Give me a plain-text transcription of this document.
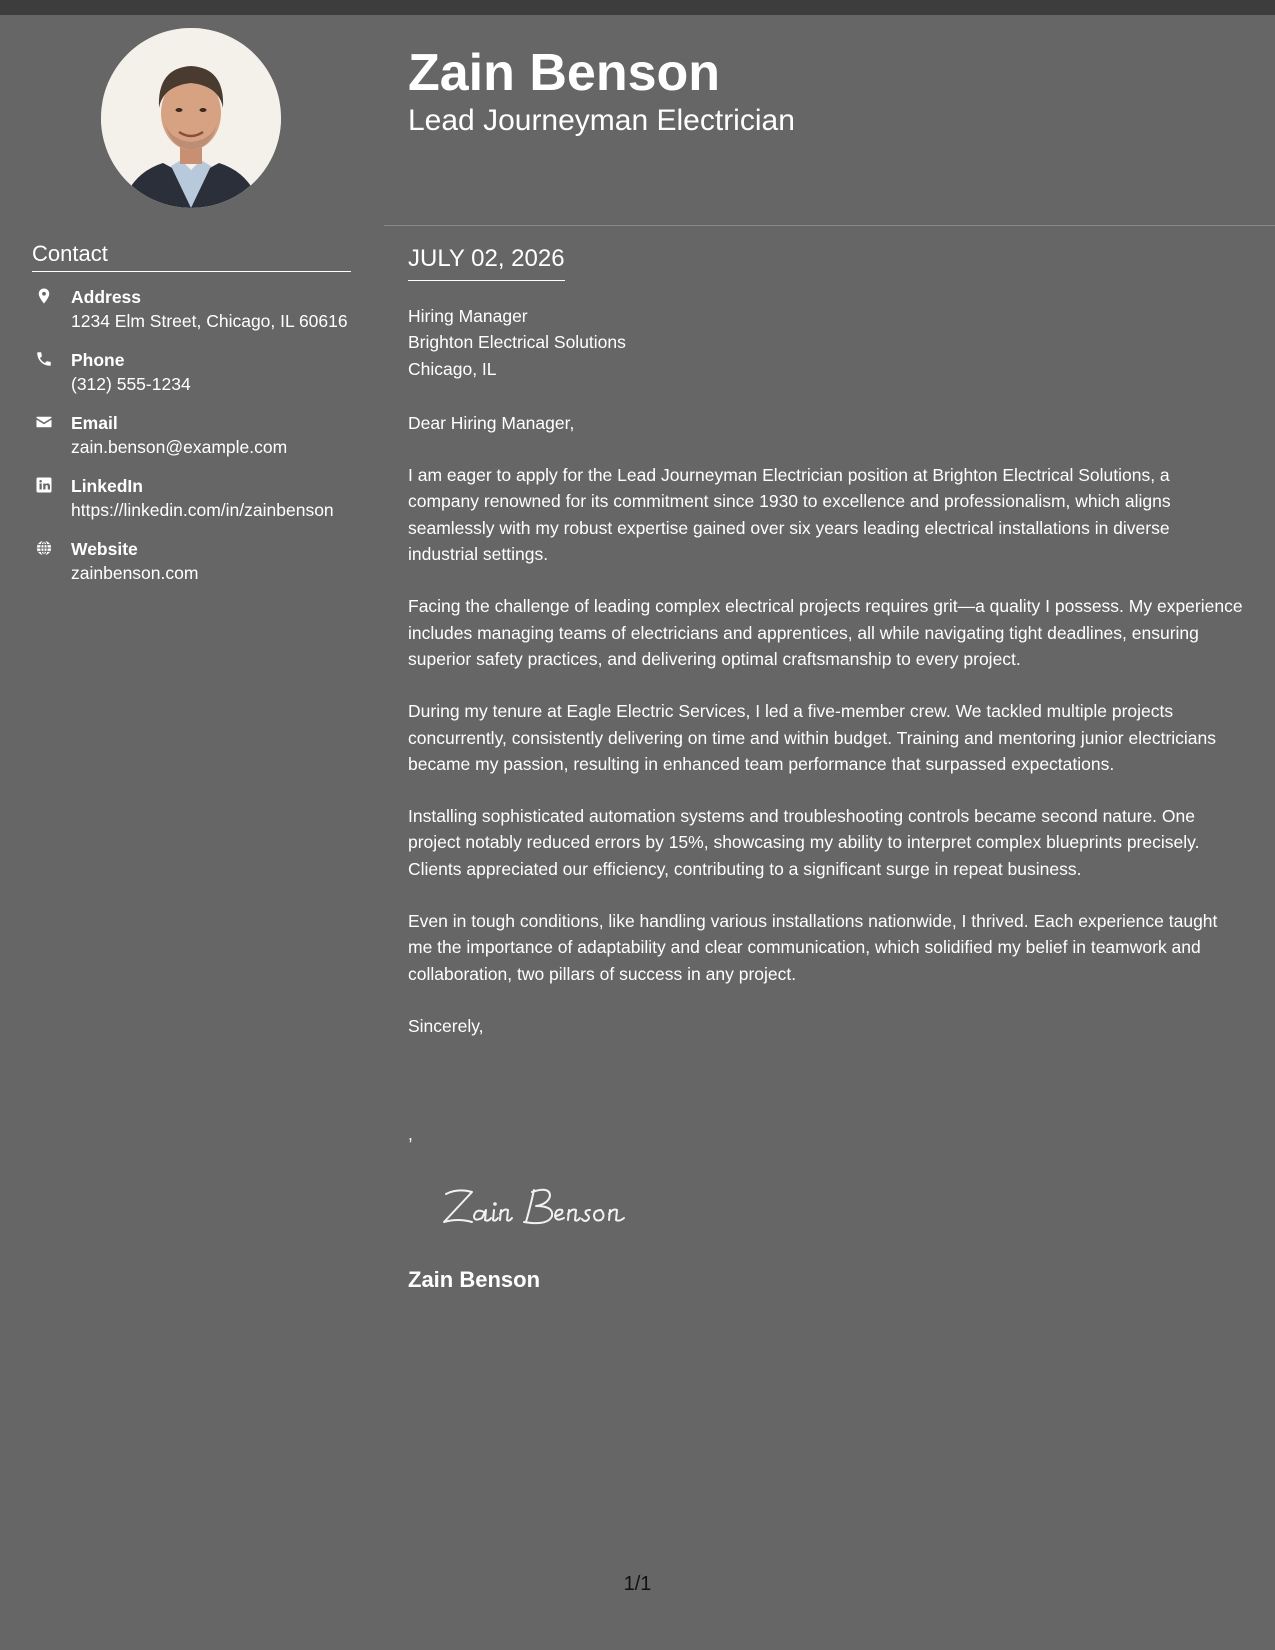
Contact
Address
1234 Elm Street, Chicago, IL 60616
Phone
(312) 555-1234
Email
zain.benson@example.com
LinkedIn
https://linkedin.com/in/zainbenson
Website
zainbenson.com
Zain Benson
Lead Journeyman Electrician
JULY 02, 2026
Hiring Manager
Brighton Electrical Solutions
Chicago, IL
Dear Hiring Manager,

I am eager to apply for the Lead Journeyman Electrician position at Brighton Electrical Solutions, a company renowned for its commitment since 1930 to excellence and professionalism, which aligns seamlessly with my robust expertise gained over six years leading electrical installations in diverse industrial settings.

Facing the challenge of leading complex electrical projects requires grit—a quality I possess. My experience includes managing teams of electricians and apprentices, all while navigating tight deadlines, ensuring superior safety practices, and delivering optimal craftsmanship to every project.

During my tenure at Eagle Electric Services, I led a five-member crew. We tackled multiple projects concurrently, consistently delivering on time and within budget. Training and mentoring junior electricians became my passion, resulting in enhanced team performance that surpassed expectations.

Installing sophisticated automation systems and troubleshooting controls became second nature. One project notably reduced errors by 15%, showcasing my ability to interpret complex blueprints precisely. Clients appreciated our efficiency, contributing to a significant surge in repeat business.

Even in tough conditions, like handling various installations nationwide, I thrived. Each experience taught me the importance of adaptability and clear communication, which solidified my belief in teamwork and collaboration, two pillars of success in any project.

Sincerely,
,
Zain Benson
1/1
